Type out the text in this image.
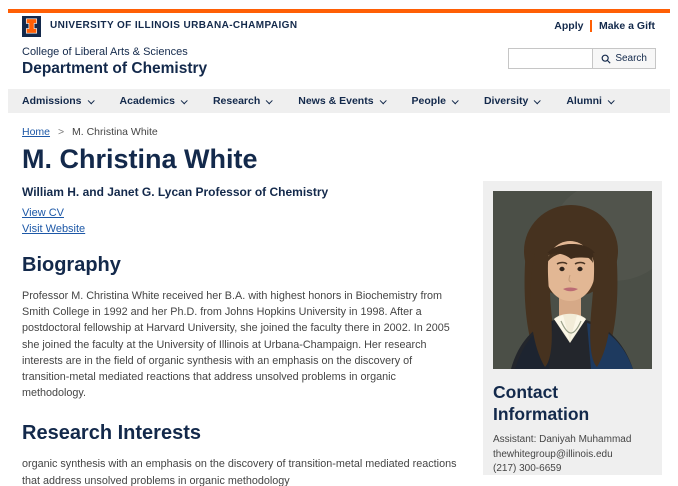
UNIVERSITY OF ILLINOIS URBANA-CHAMPAIGN	Apply Make a Gift
College of Liberal Arts & Sciences
Department of Chemistry
Search
Admissions	Academics	Research	News & Events	People	Diversity	Alumni
Home > M. Christina White
M. Christina White

William H. and Janet G. Lycan Professor of Chemistry

View CV
Visit Website
Biography

Professor M. Christina White received her B.A. with highest honors in Biochemistry from Smith College in 1992 and her Ph.D. from Johns Hopkins University in 1998. After a postdoctoral fellowship at Harvard University, she joined the faculty there in 2002. In 2005 she joined the faculty at the University of Illinois at Urbana-Champaign. Her research interests are in the field of organic synthesis with an emphasis on the discovery of transition-metal mediated reactions that address unsolved problems in organic methodology.

Research Interests

organic synthesis with an emphasis on the discovery of transition-metal mediated reactions that address unsolved problems in organic methodology

Contact Information

Assistant: Daniyah Muhammad

thewhitegroup@illinois.edu

(217) 300-6659
